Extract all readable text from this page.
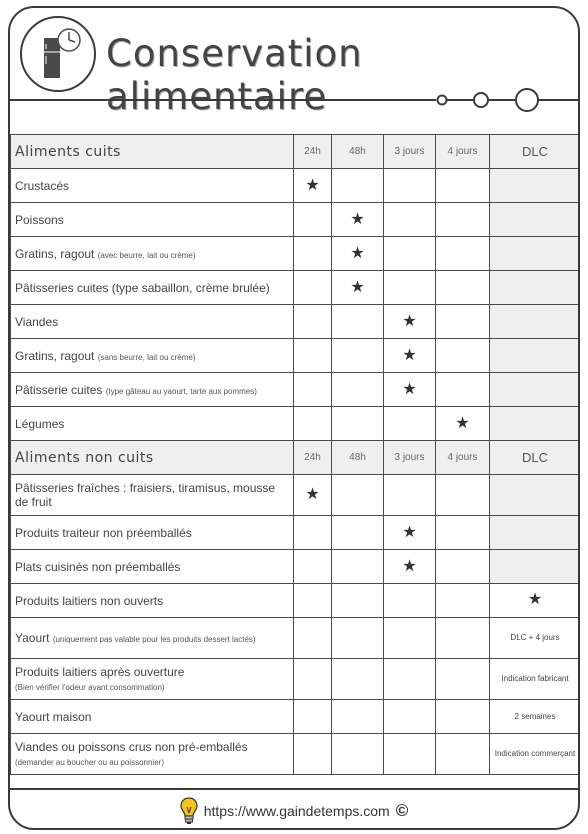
Conservation alimentaire
Aliments cuits	24h	48h	3 jours	4 jours	DLC
Crustacés	★				
Poissons		★			
Gratins, ragout (avec beurre, lait ou crème)		★			
Pâtisseries cuites (type sabaillon, crème brulée)		★			
Viandes			★		
Gratins, ragout (sans beurre, lait ou crème)			★		
Pâtisserie cuites (type gâteau au yaourt, tarte aux pommes)			★		
Légumes				★	
Aliments non cuits	24h	48h	3 jours	4 jours	DLC
Pâtisseries fraîches : fraisiers, tiramisus, mousse de fruit	★				
Produits traiteur non préemballés			★		
Plats cuisinés non préemballés			★		
Produits laitiers non ouverts					★
Yaourt (uniquement pas valable pour les produits dessert lactés)					DLC + 4 jours
Produits laitiers après ouverture
(Bien vérifier l'odeur avant consommation)					Indication fabricant
Yaourt maison					2 semaines
Viandes ou poissons crus non pré-emballés
(demander au boucher ou au poissonnier)					Indication commerçant
https://www.gaindetemps.com ©
